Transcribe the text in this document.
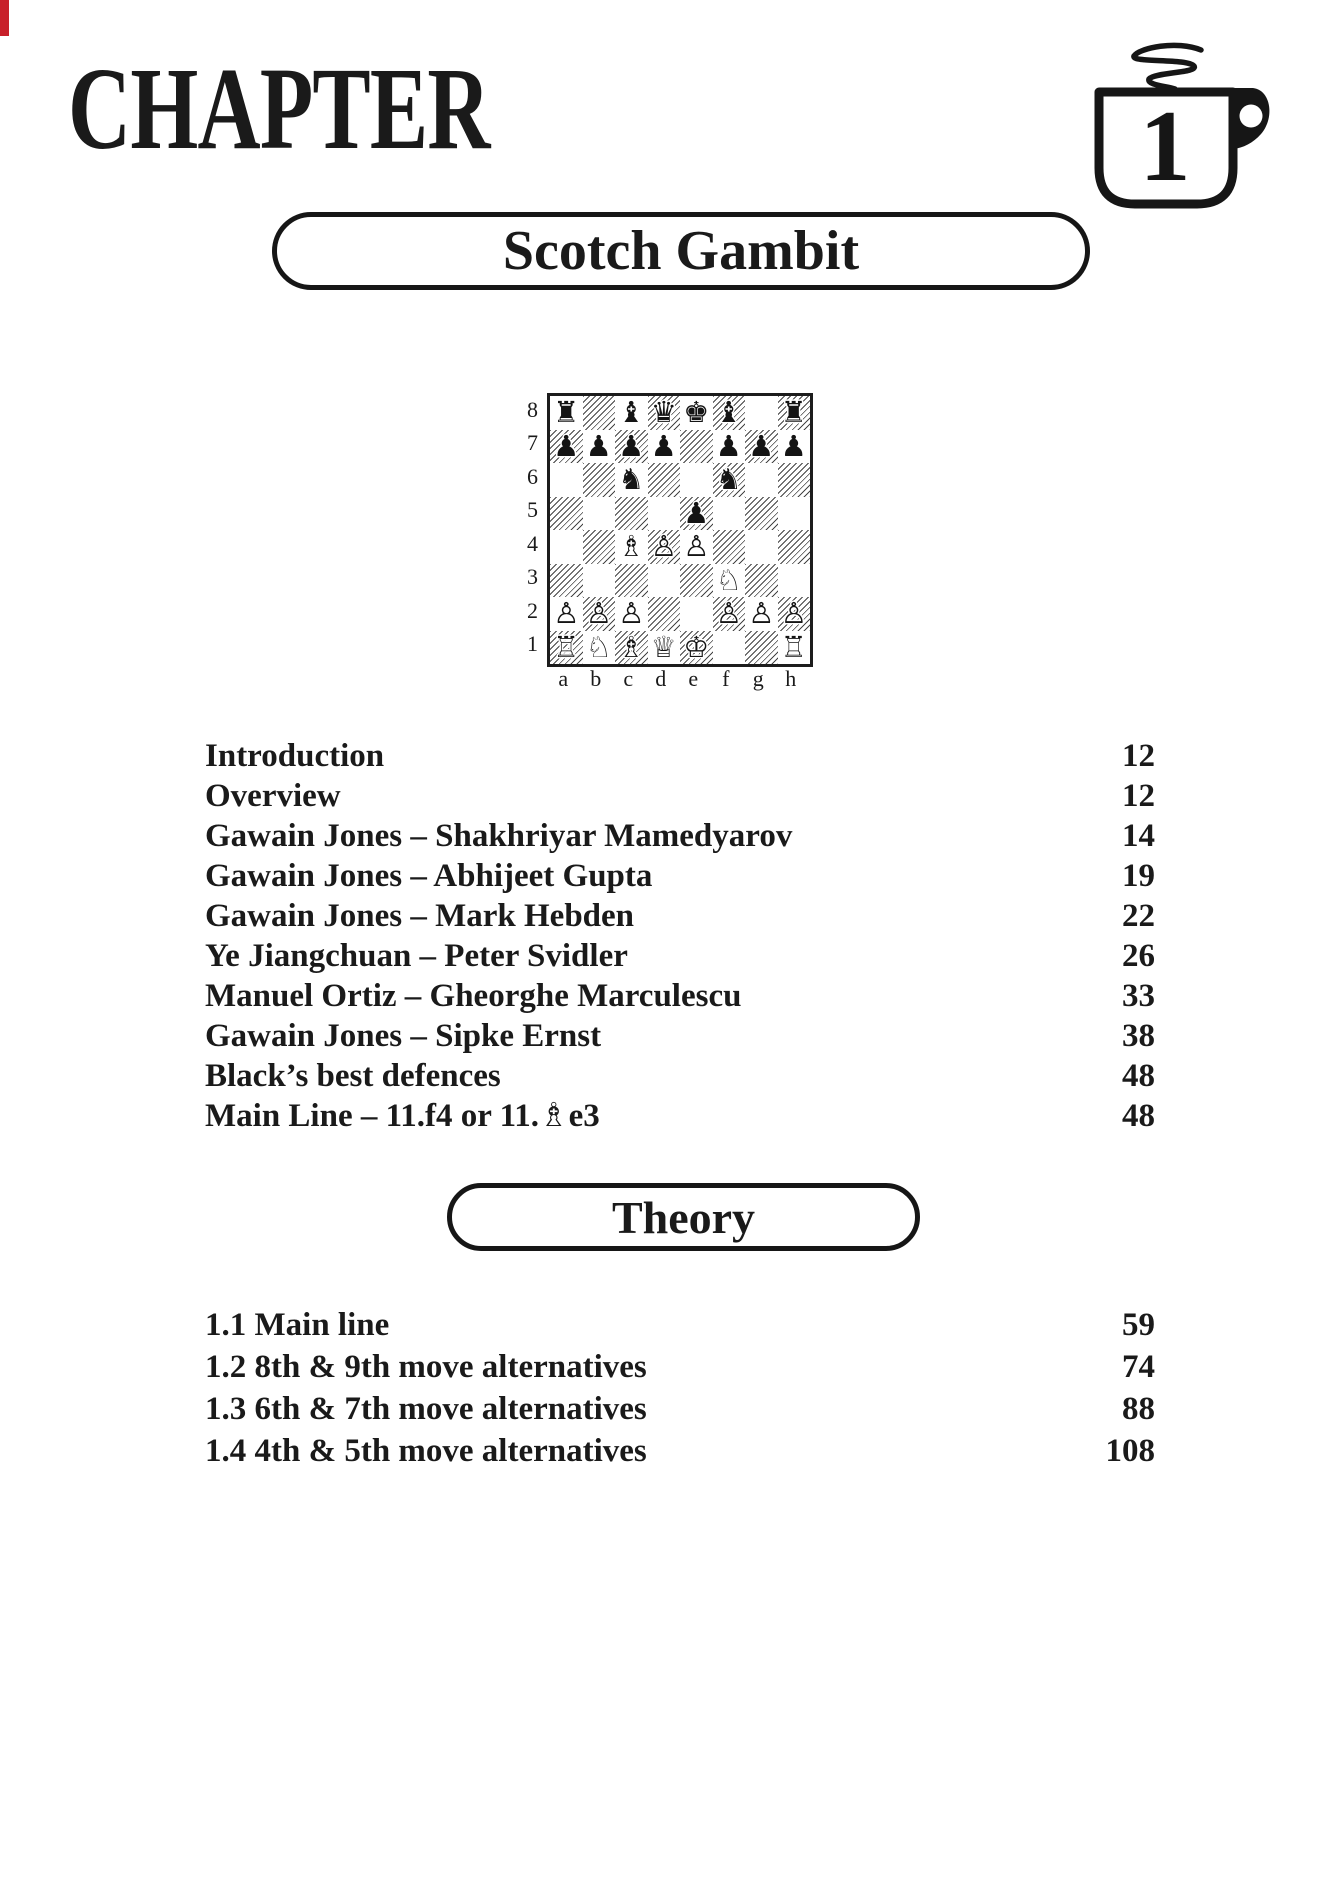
CHAPTER	1
Scotch Gambit
8
7
6
5
4
3
2
1
♜ ♝ ♛ ♚ ♝ ♜
♟ ♟ ♟ ♟ ♟ ♟ ♟
♞ ♞
♟
♗ ♙ ♙
♘
♙ ♙ ♙ ♙ ♙ ♙
♖ ♘ ♗ ♕ ♔ ♖
a b c d e f g h
Introduction	12
Overview	12
Gawain Jones – Shakhriyar Mamedyarov	14
Gawain Jones – Abhijeet Gupta	19
Gawain Jones – Mark Hebden	22
Ye Jiangchuan – Peter Svidler	26
Manuel Ortiz – Gheorghe Marculescu	33
Gawain Jones – Sipke Ernst	38
Black’s best defences	48
Main Line – 11.f4 or 11.♗e3	48
Theory
1.1 Main line	59
1.2 8th & 9th move alternatives	74
1.3 6th & 7th move alternatives	88
1.4 4th & 5th move alternatives	108
